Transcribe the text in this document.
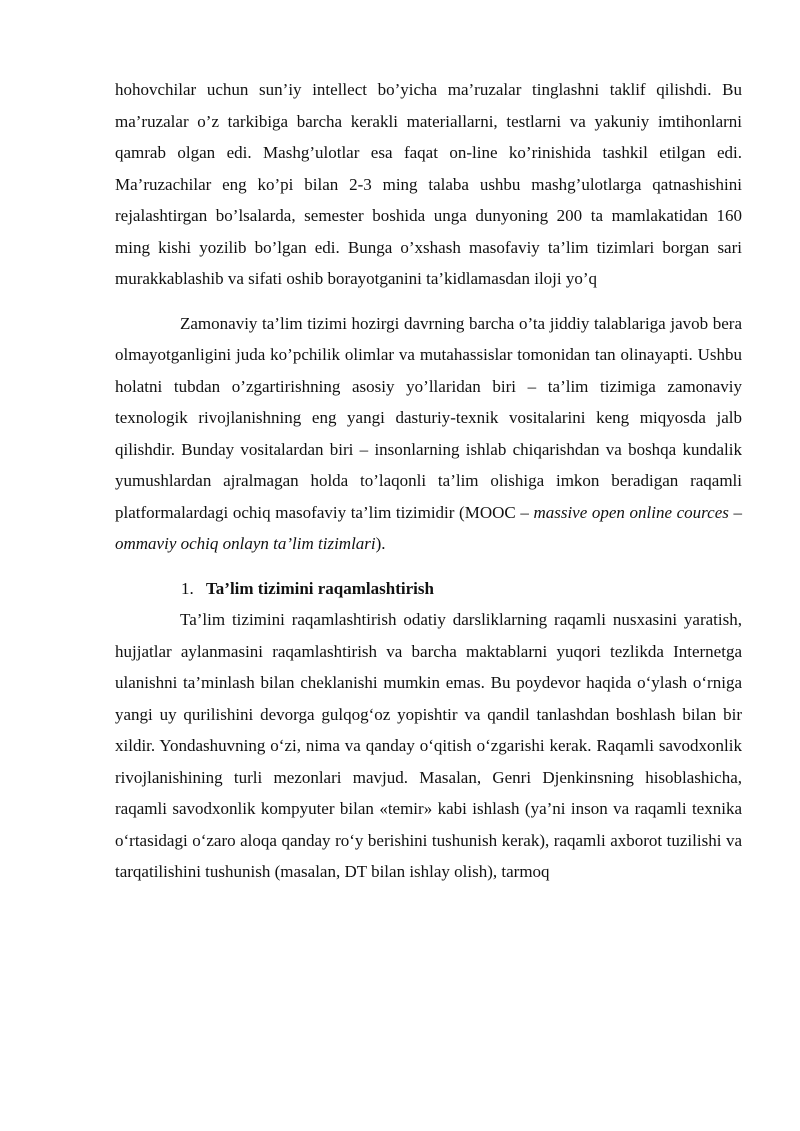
hohovchilar uchun sun’iy intellect bo’yicha ma’ruzalar tinglashni taklif qilishdi. Bu ma’ruzalar o’z tarkibiga barcha kerakli materiallarni, testlarni va yakuniy imtihonlarni qamrab olgan edi. Mashg’ulotlar esa faqat on-line ko’rinishida tashkil etilgan edi. Ma’ruzachilar eng ko’pi bilan 2-3 ming talaba ushbu mashg’ulotlarga qatnashishini rejalashtirgan bo’lsalarda, semester boshida unga dunyoning 200 ta mamlakatidan 160 ming kishi yozilib bo’lgan edi. Bunga o’xshash masofaviy ta’lim tizimlari borgan sari murakkablashib va sifati oshib borayotganini ta’kidlamasdan iloji yo’q

Zamonaviy ta’lim tizimi hozirgi davrning barcha o’ta jiddiy talablariga javob bera olmayotganligini juda ko’pchilik olimlar va mutahassislar tomonidan tan olinayapti. Ushbu holatni tubdan o’zgartirishning asosiy yo’llaridan biri – ta’lim tizimiga zamonaviy texnologik rivojlanishning eng yangi dasturiy-texnik vositalarini keng miqyosda jalb qilishdir. Bunday vositalardan biri – insonlarning ishlab chiqarishdan va boshqa kundalik yumushlardan ajralmagan holda to’laqonli ta’lim olishiga imkon beradigan raqamli platformalardagi ochiq masofaviy ta’lim tizimidir (MOOC – massive open online cources – ommaviy ochiq onlayn ta’lim tizimlari).

1. Ta’lim tizimini raqamlashtirish

Ta’lim tizimini raqamlashtirish odatiy darsliklarning raqamli nusxasini yaratish, hujjatlar aylanmasini raqamlashtirish va barcha maktablarni yuqori tezlikda Internetga ulanishni ta’minlash bilan cheklanishi mumkin emas. Bu poydevor haqida o‘ylash o‘rniga yangi uy qurilishini devorga gulqog‘oz yopishtir va qandil tanlashdan boshlash bilan bir xildir. Yondashuvning o‘zi, nima va qanday o‘qitish o‘zgarishi kerak. Raqamli savodxonlik rivojlanishining turli mezonlari mavjud. Masalan, Genri Djenkinsning hisoblashicha, raqamli savodxonlik kompyuter bilan «temir» kabi ishlash (ya’ni inson va raqamli texnika o‘rtasidagi o‘zaro aloqa qanday ro‘y berishini tushunish kerak), raqamli axborot tuzilishi va tarqatilishini tushunish (masalan, DT bilan ishlay olish), tarmoq
